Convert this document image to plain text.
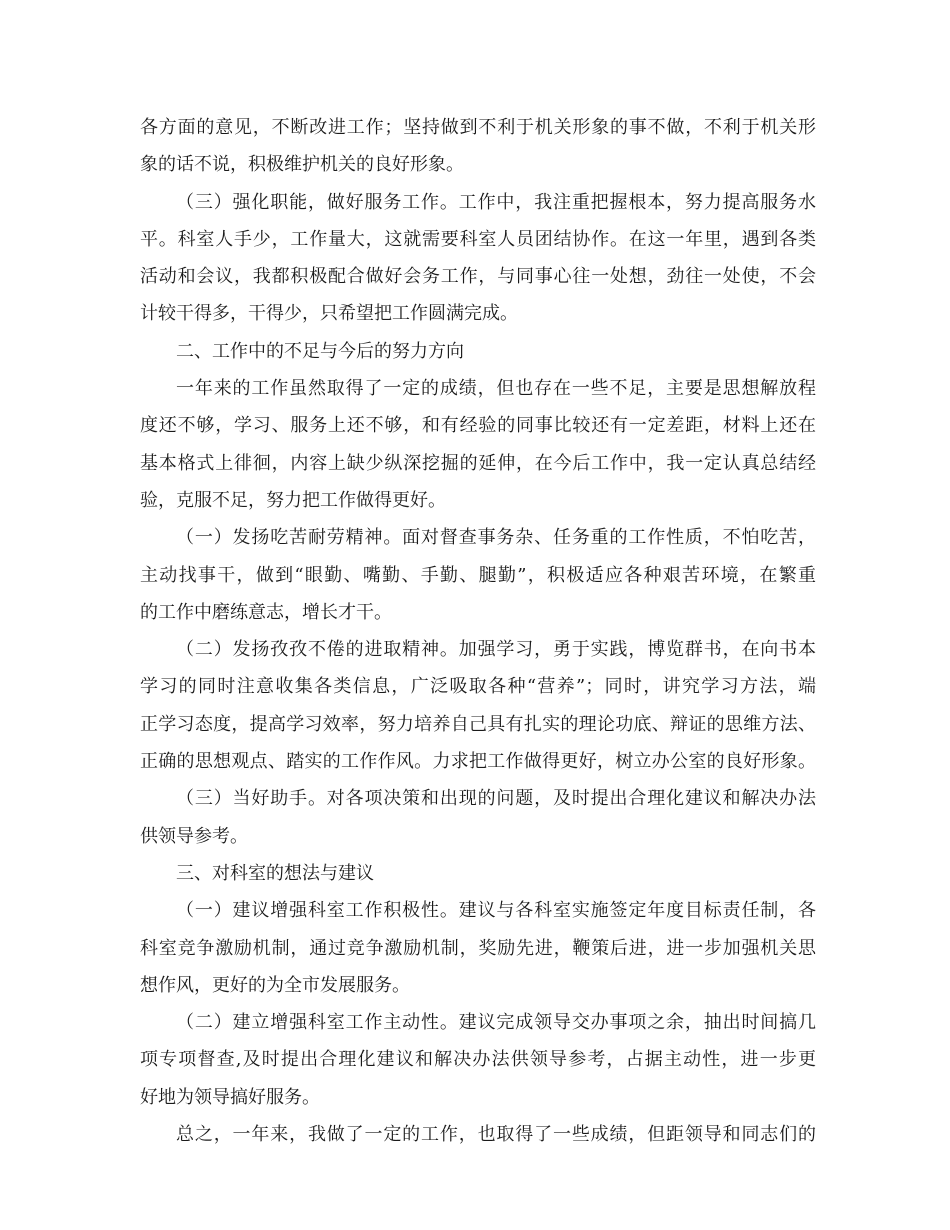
各方面的意见，不断改进工作；坚持做到不利于机关形象的事不做，不利于机关形
象的话不说，积极维护机关的良好形象。
（三）强化职能，做好服务工作。工作中，我注重把握根本，努力提高服务水
平。科室人手少，工作量大，这就需要科室人员团结协作。在这一年里，遇到各类
活动和会议，我都积极配合做好会务工作，与同事心往一处想，劲往一处使，不会
计较干得多，干得少，只希望把工作圆满完成。
二、工作中的不足与今后的努力方向
一年来的工作虽然取得了一定的成绩，但也存在一些不足，主要是思想解放程
度还不够，学习、服务上还不够，和有经验的同事比较还有一定差距，材料上还在
基本格式上徘徊，内容上缺少纵深挖掘的延伸，在今后工作中，我一定认真总结经
验，克服不足，努力把工作做得更好。
（一）发扬吃苦耐劳精神。面对督查事务杂、任务重的工作性质，不怕吃苦，
主动找事干，做到“眼勤、嘴勤、手勤、腿勤”，积极适应各种艰苦环境，在繁重
的工作中磨练意志，增长才干。
（二）发扬孜孜不倦的进取精神。加强学习，勇于实践，博览群书，在向书本
学习的同时注意收集各类信息，广泛吸取各种“营养”；同时，讲究学习方法，端
正学习态度，提高学习效率，努力培养自己具有扎实的理论功底、辩证的思维方法、
正确的思想观点、踏实的工作作风。力求把工作做得更好，树立办公室的良好形象。
（三）当好助手。对各项决策和出现的问题，及时提出合理化建议和解决办法
供领导参考。
三、对科室的想法与建议
（一）建议增强科室工作积极性。建议与各科室实施签定年度目标责任制，各
科室竞争激励机制，通过竞争激励机制，奖励先进，鞭策后进，进一步加强机关思
想作风，更好的为全市发展服务。
（二）建立增强科室工作主动性。建议完成领导交办事项之余，抽出时间搞几
项专项督查,及时提出合理化建议和解决办法供领导参考，占据主动性，进一步更
好地为领导搞好服务。
总之，一年来，我做了一定的工作，也取得了一些成绩，但距领导和同志们的
